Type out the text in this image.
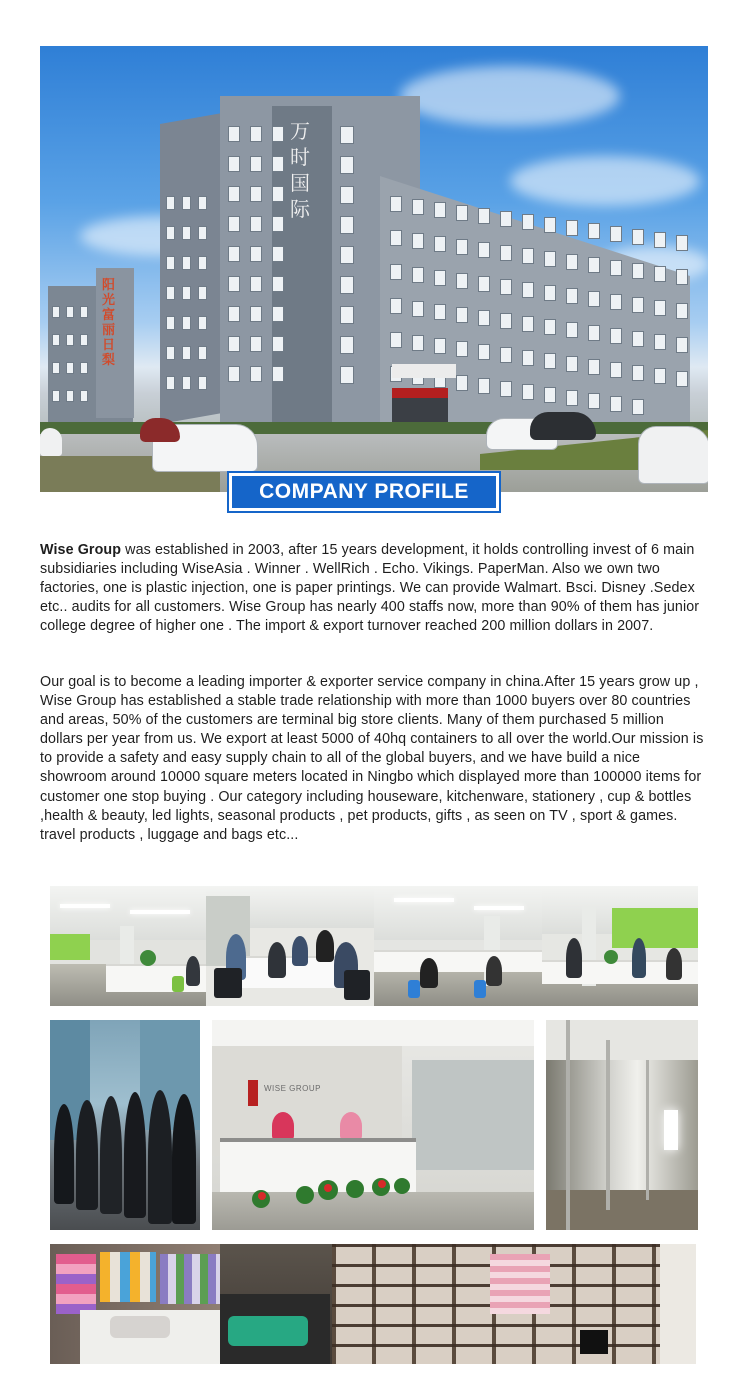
阳光富丽日梨
万时国际
COMPANY PROFILE

Wise Group was established in 2003, after 15 years development, it holds controlling invest of 6 main subsidiaries including WiseAsia . Winner . WellRich . Echo. Vikings. PaperMan. Also we own two factories, one is plastic injection, one is paper printings. We can provide Walmart. Bsci. Disney .Sedex etc.. audits for all customers. Wise Group has nearly 400 staffs now, more than 90% of them has junior college degree of higher one . The import & export turnover reached 200 million dollars in 2007.

Our goal is to become a leading importer & exporter service company in china.After 15 years grow up , Wise Group has established a stable trade relationship with more than 1000 buyers over 80 countries and areas, 50% of the customers are terminal big store clients. Many of them purchased 5 million dollars per year from us. We export at least 5000 of 40hq containers to all over the world.Our mission is to provide a safety and easy supply chain to all of the global buyers, and we have build a nice showroom around 10000 square meters located in Ningbo which displayed more than 100000 items for customer one stop buying . Our category including houseware, kitchenware, stationery , cup & bottles ,health & beauty, led lights, seasonal products , pet products, gifts , as seen on TV , sport & games. travel products , luggage and bags etc...

WISE GROUP
